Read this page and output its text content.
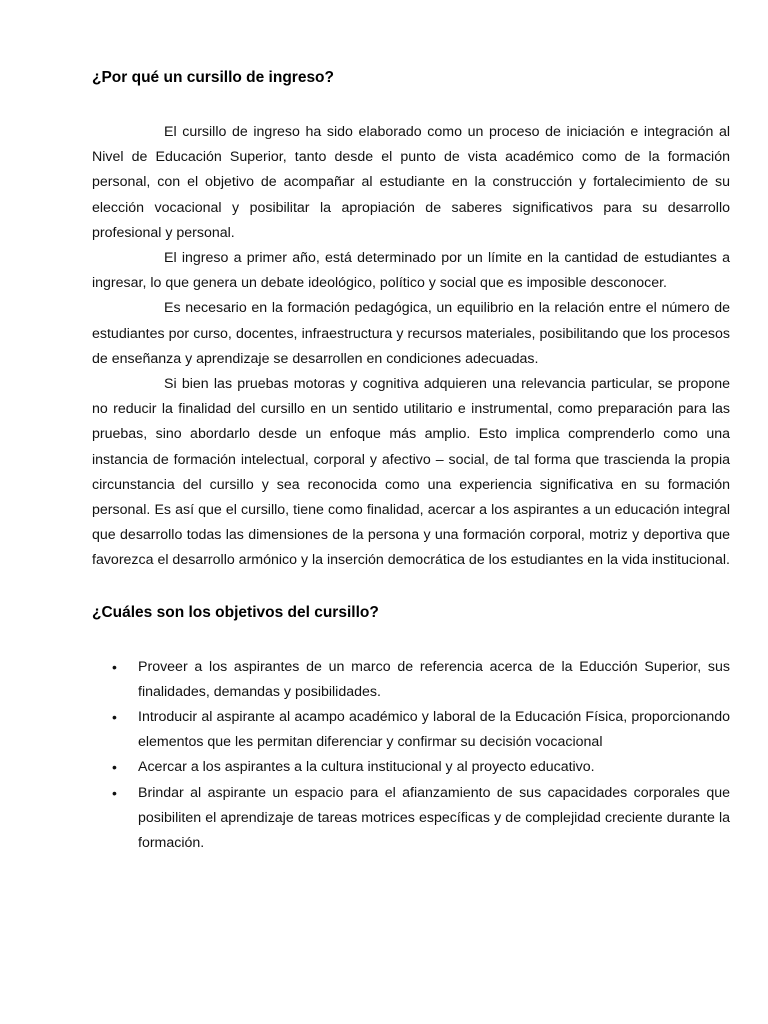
¿Por qué un cursillo de ingreso?

El cursillo de ingreso ha sido elaborado como un proceso de iniciación e integración al Nivel de Educación Superior, tanto desde el punto de vista académico como de la formación personal, con el objetivo de acompañar al estudiante en la construcción y fortalecimiento de su elección vocacional y posibilitar la apropiación de saberes significativos para su desarrollo profesional y personal.

El ingreso a primer año, está determinado por un límite en la cantidad de estudiantes a ingresar, lo que genera un debate ideológico, político y social que es imposible desconocer.

Es necesario en la formación pedagógica, un equilibrio en la relación entre el número de estudiantes por curso, docentes, infraestructura y recursos materiales, posibilitando que los procesos de enseñanza y aprendizaje se desarrollen en condiciones adecuadas.

Si bien las pruebas motoras y cognitiva adquieren una relevancia particular, se propone no reducir la finalidad del cursillo en un sentido utilitario e instrumental, como preparación para las pruebas, sino abordarlo desde un enfoque más amplio. Esto implica comprenderlo como una instancia de formación intelectual, corporal y afectivo – social, de tal forma que trascienda la propia circunstancia del cursillo y sea reconocida como una experiencia significativa en su formación personal. Es así que el cursillo, tiene como finalidad, acercar a los aspirantes a un educación integral que desarrollo todas las dimensiones de la persona y una formación corporal, motriz y deportiva que favorezca el desarrollo armónico y la inserción democrática de los estudiantes en la vida institucional.

¿Cuáles son los objetivos del cursillo?
• Proveer a los aspirantes de un marco de referencia acerca de la Educción Superior, sus finalidades, demandas y posibilidades.
• Introducir al aspirante al acampo académico y laboral de la Educación Física, proporcionando elementos que les permitan diferenciar y confirmar su decisión vocacional
• Acercar a los aspirantes a la cultura institucional y al proyecto educativo.
• Brindar al aspirante un espacio para el afianzamiento de sus capacidades corporales que posibiliten el aprendizaje de tareas motrices específicas y de complejidad creciente durante la formación.
